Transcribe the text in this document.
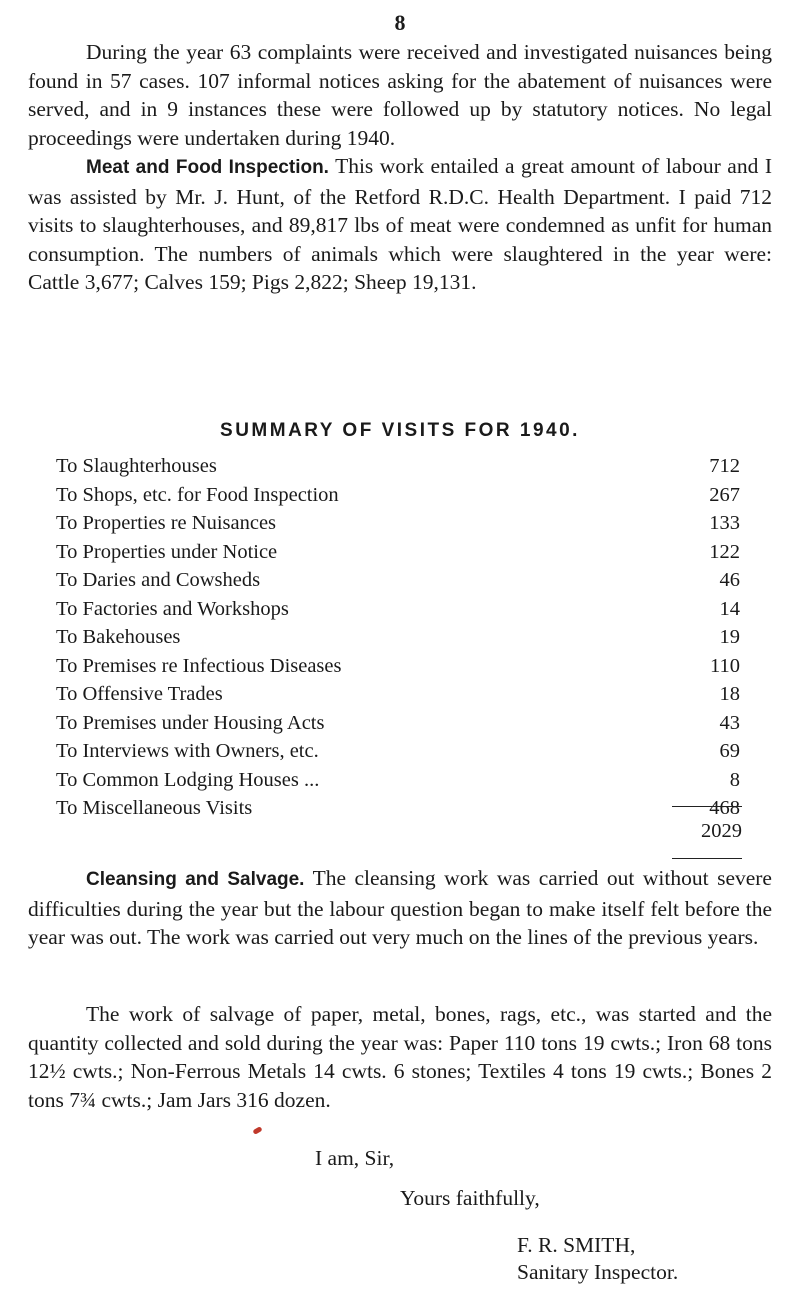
8

During the year 63 complaints were received and investigated nuisances being found in 57 cases. 107 informal notices asking for the abatement of nuisances were served, and in 9 instances these were followed up by statutory notices. No legal proceedings were undertaken during 1940.

Meat and Food Inspection. This work entailed a great amount of labour and I was assisted by Mr. J. Hunt, of the Retford R.D.C. Health Department. I paid 712 visits to slaughterhouses, and 89,817 lbs of meat were condemned as unfit for human consumption. The numbers of animals which were slaughtered in the year were: Cattle 3,677; Calves 159; Pigs 2,822; Sheep 19,131.

SUMMARY OF VISITS FOR 1940.
To Slaughterhouses	712
To Shops, etc. for Food Inspection	267
To Properties re Nuisances	133
To Properties under Notice	122
To Daries and Cowsheds	46
To Factories and Workshops	14
To Bakehouses	19
To Premises re Infectious Diseases	110
To Offensive Trades	18
To Premises under Housing Acts	43
To Interviews with Owners, etc.	69
To Common Lodging Houses ...	8
To Miscellaneous Visits	468
2029

Cleansing and Salvage. The cleansing work was carried out without severe difficulties during the year but the labour question began to make itself felt before the year was out. The work was carried out very much on the lines of the previous years.

The work of salvage of paper, metal, bones, rags, etc., was started and the quantity collected and sold during the year was: Paper 110 tons 19 cwts.; Iron 68 tons 12½ cwts.; Non-Ferrous Metals 14 cwts. 6 stones; Textiles 4 tons 19 cwts.; Bones 2 tons 7¾ cwts.; Jam Jars 316 dozen.

I am, Sir,
Yours faithfully,
F. R. SMITH,
Sanitary Inspector.
